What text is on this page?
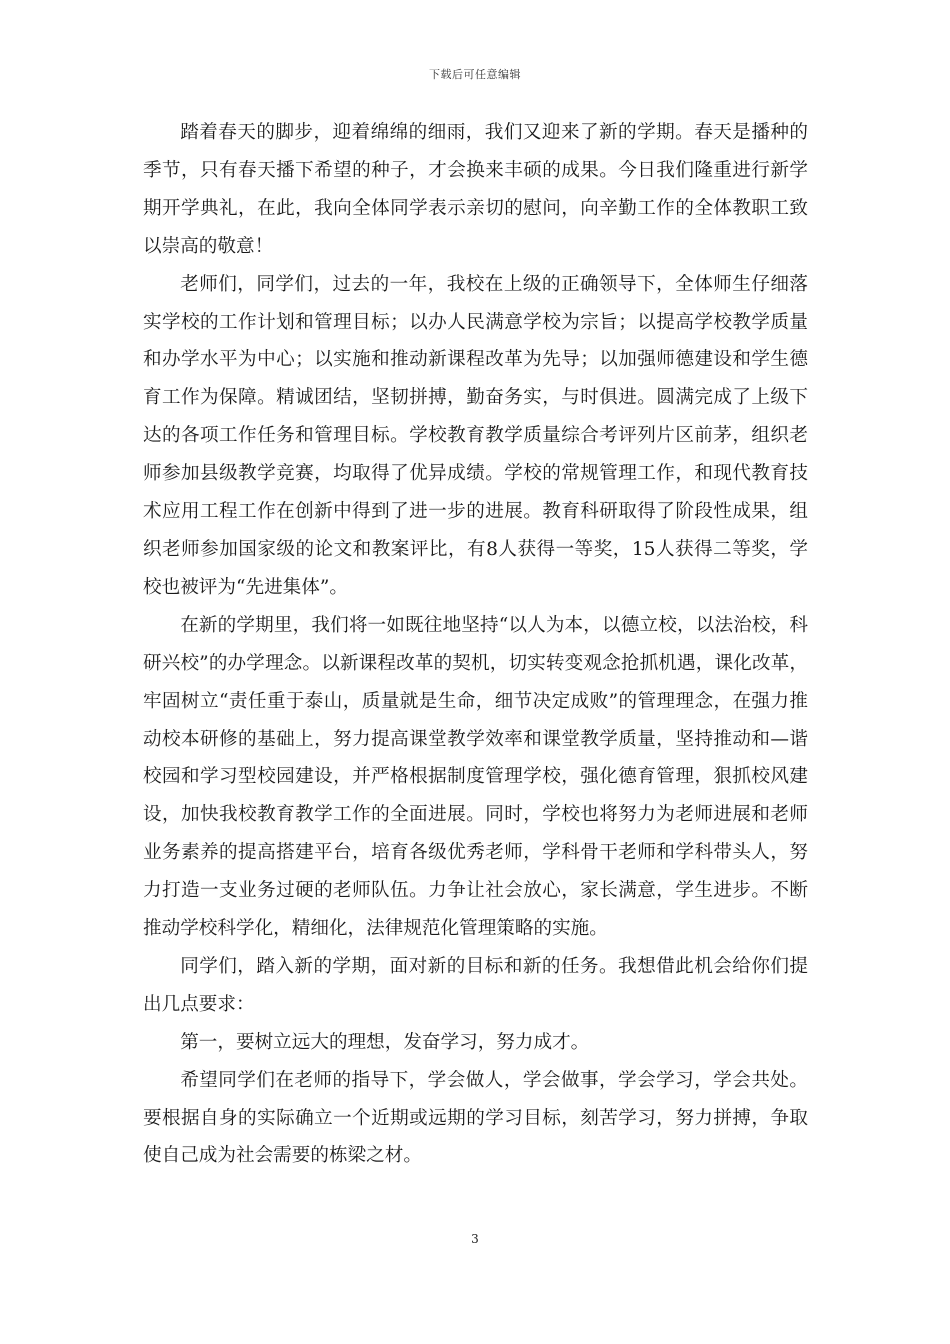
下载后可任意编辑

踏着春天的脚步，迎着绵绵的细雨，我们又迎来了新的学期。春天是播种的季节，只有春天播下希望的种子，才会换来丰硕的成果。今日我们隆重进行新学期开学典礼，在此，我向全体同学表示亲切的慰问，向辛勤工作的全体教职工致以崇高的敬意！

老师们，同学们，过去的一年，我校在上级的正确领导下，全体师生仔细落实学校的工作计划和管理目标；以办人民满意学校为宗旨；以提高学校教学质量和办学水平为中心；以实施和推动新课程改革为先导；以加强师德建设和学生德育工作为保障。精诚团结，坚韧拼搏，勤奋务实，与时俱进。圆满完成了上级下达的各项工作任务和管理目标。学校教育教学质量综合考评列片区前茅，组织老师参加县级教学竞赛，均取得了优异成绩。学校的常规管理工作，和现代教育技术应用工程工作在创新中得到了进一步的进展。教育科研取得了阶段性成果，组织老师参加国家级的论文和教案评比，有8人获得一等奖，15人获得二等奖，学校也被评为“先进集体”。

在新的学期里，我们将一如既往地坚持“以人为本，以德立校，以法治校，科研兴校”的办学理念。以新课程改革的契机，切实转变观念抢抓机遇，课化改革，牢固树立“责任重于泰山，质量就是生命，细节决定成败”的管理理念，在强力推动校本研修的基础上，努力提高课堂教学效率和课堂教学质量，坚持推动和—谐校园和学习型校园建设，并严格根据制度管理学校，强化德育管理，狠抓校风建设，加快我校教育教学工作的全面进展。同时，学校也将努力为老师进展和老师业务素养的提高搭建平台，培育各级优秀老师，学科骨干老师和学科带头人，努力打造一支业务过硬的老师队伍。力争让社会放心，家长满意，学生进步。不断推动学校科学化，精细化，法律规范化管理策略的实施。

同学们，踏入新的学期，面对新的目标和新的任务。我想借此机会给你们提出几点要求：

第一，要树立远大的理想，发奋学习，努力成才。

希望同学们在老师的指导下，学会做人，学会做事，学会学习，学会共处。要根据自身的实际确立一个近期或远期的学习目标，刻苦学习，努力拼搏，争取使自己成为社会需要的栋梁之材。

3
